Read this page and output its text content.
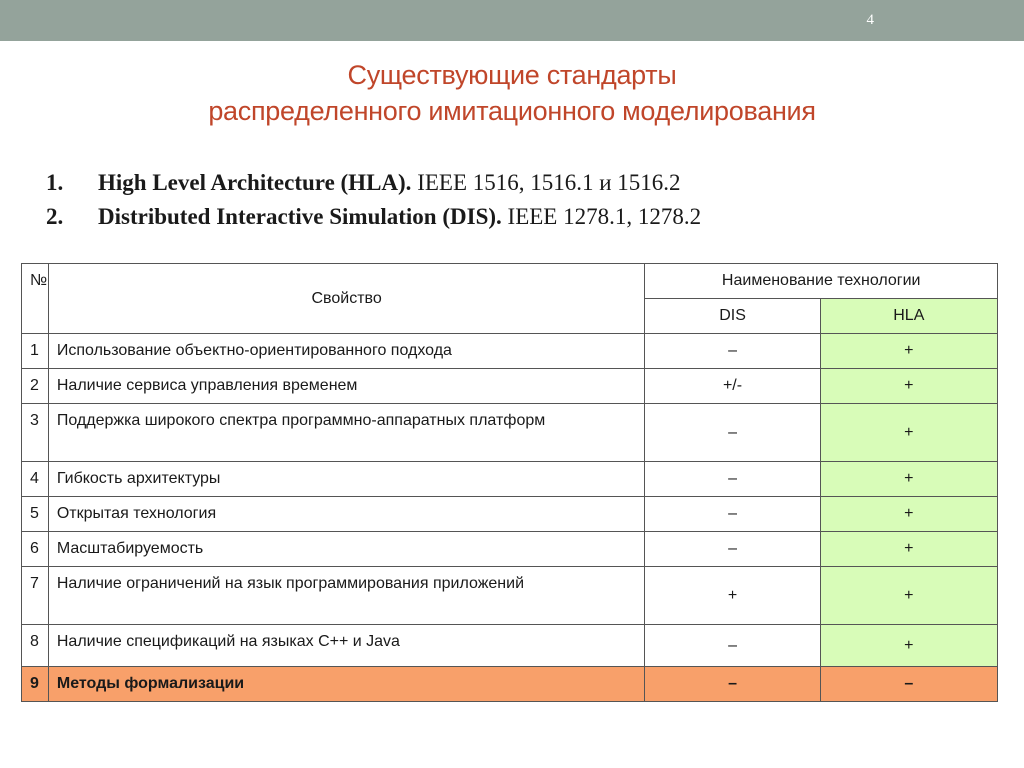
4
Существующие стандарты
распределенного имитационного моделирования
1. High Level Architecture (HLA). IEEE 1516, 1516.1 и 1516.2
2. Distributed Interactive Simulation (DIS). IEEE 1278.1, 1278.2
№	Свойство	Наименование технологии	
		DIS	HLA
1	Использование объектно-ориентированного подхода	–	+
2	Наличие сервиса управления временем	+/-	+
3	Поддержка широкого спектра программно-аппаратных платформ	–	+
4	Гибкость архитектуры	–	+
5	Открытая технология	–	+
6	Масштабируемость	–	+
7	Наличие ограничений на язык программирования приложений	+	+
8	Наличие спецификаций на языках C++ и Java	–	+
9	Методы формализации	–	–
